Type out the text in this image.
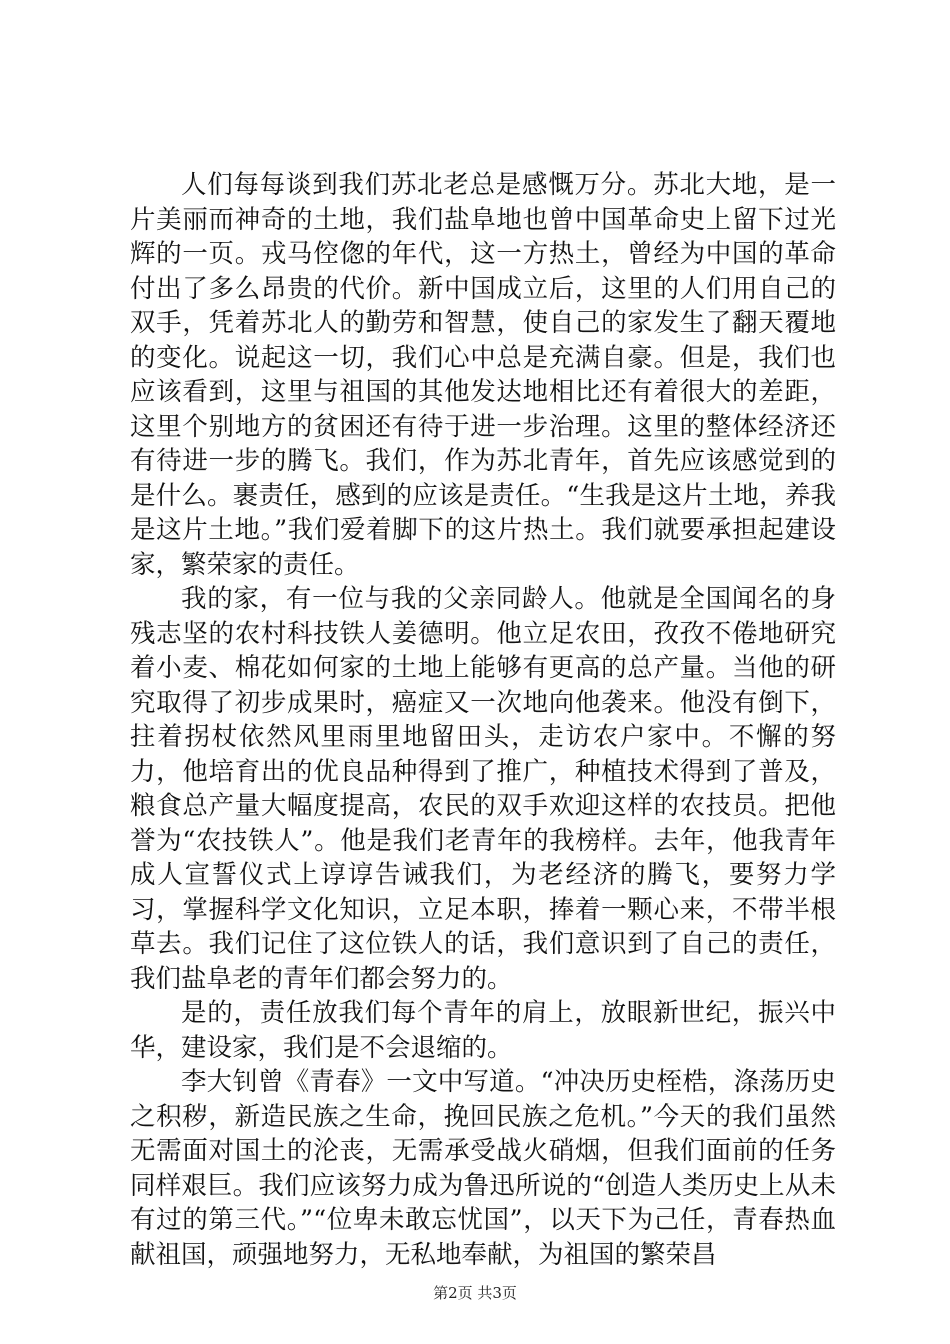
人们每每谈到我们苏北老总是感慨万分。苏北大地，是一片美丽而神奇的土地，我们盐阜地也曾中国革命史上留下过光辉的一页。戎马倥偬的年代，这一方热土，曾经为中国的革命付出了多么昂贵的代价。新中国成立后，这里的人们用自己的双手，凭着苏北人的勤劳和智慧，使自己的家发生了翻天覆地的变化。说起这一切，我们心中总是充满自豪。但是，我们也应该看到，这里与祖国的其他发达地相比还有着很大的差距，这里个别地方的贫困还有待于进一步治理。这里的整体经济还有待进一步的腾飞。我们，作为苏北青年，首先应该感觉到的是什么。裹责任，感到的应该是责任。“生我是这片土地，养我是这片土地。”我们爱着脚下的这片热土。我们就要承担起建设家，繁荣家的责任。

我的家，有一位与我的父亲同龄人。他就是全国闻名的身残志坚的农村科技铁人姜德明。他立足农田，孜孜不倦地研究着小麦、棉花如何家的土地上能够有更高的总产量。当他的研究取得了初步成果时，癌症又一次地向他袭来。他没有倒下，拄着拐杖依然风里雨里地留田头，走访农户家中。不懈的努力，他培育出的优良品种得到了推广，种植技术得到了普及，粮食总产量大幅度提高，农民的双手欢迎这样的农技员。把他誉为“农技铁人”。他是我们老青年的我榜样。去年，他我青年成人宣誓仪式上谆谆告诫我们，为老经济的腾飞，要努力学习，掌握科学文化知识，立足本职，捧着一颗心来，不带半根草去。我们记住了这位铁人的话，我们意识到了自己的责任，我们盐阜老的青年们都会努力的。

是的，责任放我们每个青年的肩上，放眼新世纪，振兴中华，建设家，我们是不会退缩的。

李大钊曾《青春》一文中写道。“冲决历史桎梏，涤荡历史之积秽，新造民族之生命，挽回民族之危机。”今天的我们虽然无需面对国土的沦丧，无需承受战火硝烟，但我们面前的任务同样艰巨。我们应该努力成为鲁迅所说的“创造人类历史上从未有过的第三代。”“位卑未敢忘忧国”，以天下为己任，青春热血献祖国，顽强地努力，无私地奉献，为祖国的繁荣昌

第2页 共3页
